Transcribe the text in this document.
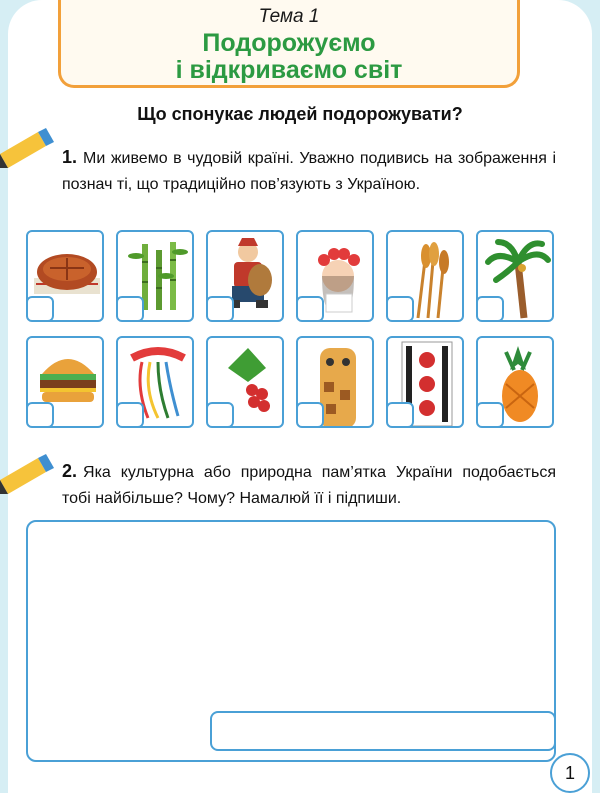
Тема 1
Подорожуємо
і відкриваємо світ
Що спонукає людей подорожувати?
1. Ми живемо в чудовій країні. Уважно подивись на зображення і познач ті, що традиційно пов’язують з Україною.
2. Яка культурна або природна пам’ятка України подобається тобі найбільше? Чому? Намалюй її і підпиши.
1
